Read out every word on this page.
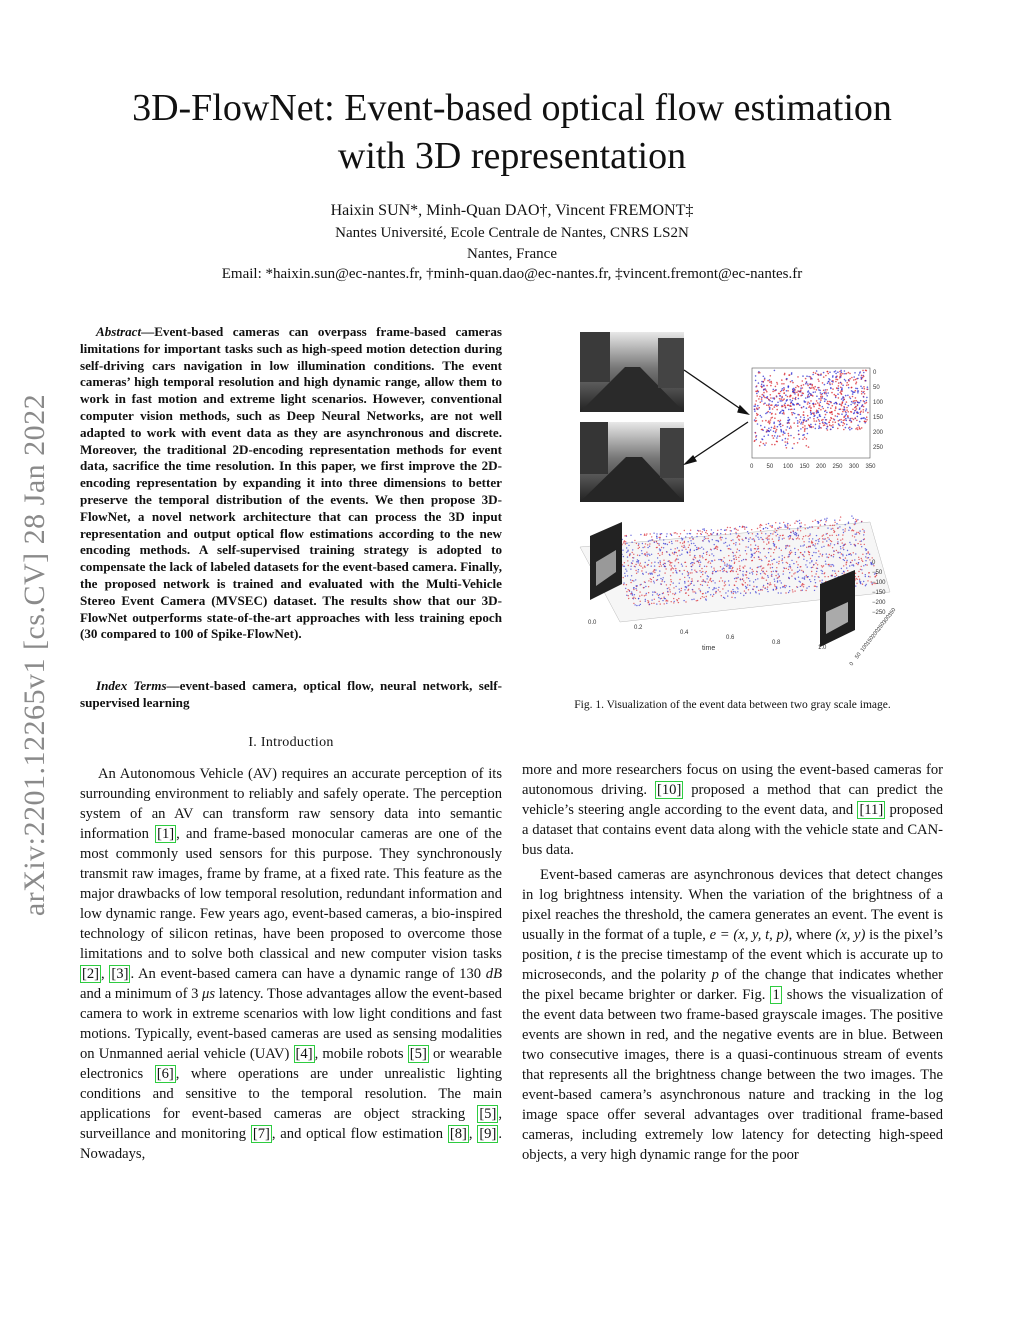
arXiv:2201.12265v1 [cs.CV] 28 Jan 2022
3D-FlowNet: Event-based optical flow estimation
with 3D representation
Haixin SUN*, Minh-Quan DAO†, Vincent FREMONT‡
Nantes Université, Ecole Centrale de Nantes, CNRS LS2N
Nantes, France
Email: *haixin.sun@ec-nantes.fr, †minh-quan.dao@ec-nantes.fr, ‡vincent.fremont@ec-nantes.fr
Abstract—Event-based cameras can overpass frame-based cameras limitations for important tasks such as high-speed motion detection during self-driving cars navigation in low illumination conditions. The event cameras’ high temporal resolution and high dynamic range, allow them to work in fast motion and extreme light scenarios. However, conventional computer vision methods, such as Deep Neural Networks, are not well adapted to work with event data as they are asynchronous and discrete. Moreover, the traditional 2D-encoding representation methods for event data, sacrifice the time resolution. In this paper, we first improve the 2D-encoding representation by expanding it into three dimensions to better preserve the temporal distribution of the events. We then propose 3D-FlowNet, a novel network architecture that can process the 3D input representation and output optical flow estimations according to the new encoding methods. A self-supervised training strategy is adopted to compensate the lack of labeled datasets for the event-based camera. Finally, the proposed network is trained and evaluated with the Multi-Vehicle Stereo Event Camera (MVSEC) dataset. The results show that our 3D-FlowNet outperforms state-of-the-art approaches with less training epoch (30 compared to 100 of Spike-FlowNet).
Index Terms—event-based camera, optical flow, neural network, self-supervised learning
I. Introduction

An Autonomous Vehicle (AV) requires an accurate perception of its surrounding environment to reliably and safely operate. The perception system of an AV can transform raw sensory data into semantic information [1] , and frame-based monocular cameras are one of the most commonly used sensors for this purpose. They synchronously transmit raw images, frame by frame, at a fixed rate. This feature as the major drawbacks of low temporal resolution, redundant information and low dynamic range. Few years ago, event-based cameras, a bio-inspired technology of silicon retinas, have been proposed to overcome those limitations and to solve both classical and new computer vision tasks [2] , [3] . An event-based camera can have a dynamic range of 130 dB and a minimum of 3 μs latency. Those advantages allow the event-based camera to work in extreme scenarios with low light conditions and fast motions. Typically, event-based cameras are used as sensing modalities on Unmanned aerial vehicle (UAV) [4] , mobile robots [5] or wearable electronics [6] , where operations are under unrealistic lighting conditions and sensitive to the temporal resolution. The main applications for event-based cameras are object stracking [5] , surveillance and monitoring [7] , and optical flow estimation [8] , [9] . Nowadays,

more and more researchers focus on using the event-based cameras for autonomous driving. [10] proposed a method that can predict the vehicle’s steering angle according to the event data, and [11] proposed a dataset that contains event data along with the vehicle state and CAN-bus data.

Event-based cameras are asynchronous devices that detect changes in log brightness intensity. When the variation of the brightness of a pixel reaches the threshold, the camera generates an event. The event is usually in the format of a tuple, e = (x, y, t, p), where (x, y) is the pixel’s position, t is the precise timestamp of the event which is accurate up to microseconds, and the polarity p of the change that indicates whether the pixel became brighter or darker. Fig. 1 shows the visualization of the event data between two frame-based grayscale images. The positive events are shown in red, and the negative events are in blue. Between two consecutive images, there is a quasi-continuous stream of events that represents all the brightness change between the two images. The event-based camera’s asynchronous nature and tracking in the log image space offer several advantages over traditional frame-based cameras, including extremely low latency for detecting high-speed objects, a very high dynamic range for the poor

0
50
100
150
200
250
0 50 100 150 200 250 300 350
0.0
0.2
0.4
0.6
0.8
1.0
time
0
−50
−100
−150
−200
−250
0
50
100
150
200
250
300
350
Fig. 1. Visualization of the event data between two gray scale image.
